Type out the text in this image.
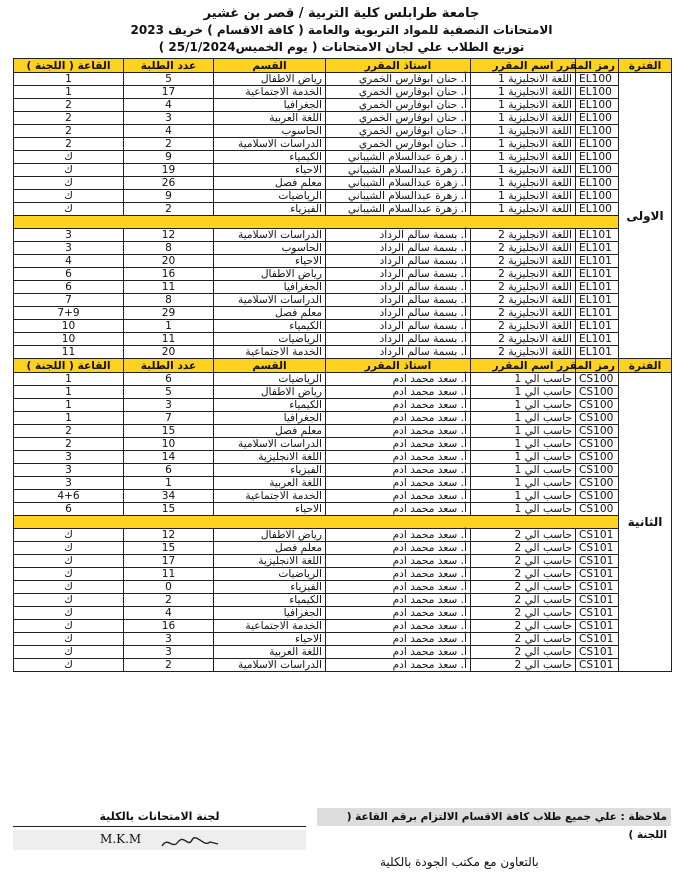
جامعة طرابلس كلية التربية / قصر بن غشير
الامتحانات النصفية للمواد التربوية والعامة ( كافة الاقسام ) خريف 2023
توزيع الطلاب علي لجان الامتحانات ( يوم الخميس25/1/2024 )
الفترة	رمز المقرر	اسم المقرر	استاذ المقرر	القسم	عدد الطلبة	القاعة ( اللجنة )
الاولى	EL100	اللغة الانجليزية 1	أ. حنان ابوفارس الخمري	رياض الاطفال	5	1
	EL100	اللغة الانجليزية 1	أ. حنان ابوفارس الخمري	الخدمة الاجتماعية	17	1
	EL100	اللغة الانجليزية 1	أ. حنان ابوفارس الخمري	الجغرافيا	4	2
	EL100	اللغة الانجليزية 1	أ. حنان ابوفارس الخمري	اللغة العربية	3	2
	EL100	اللغة الانجليزية 1	أ. حنان ابوفارس الخمري	الحاسوب	4	2
	EL100	اللغة الانجليزية 1	أ. حنان ابوفارس الخمري	الدراسات الاسلامية	2	2
	EL100	اللغة الانجليزية 1	أ. زهرة عبدالسلام الشيباني	الكيمياء	9	ك
	EL100	اللغة الانجليزية 1	أ. زهرة عبدالسلام الشيباني	الاحياء	19	ك
	EL100	اللغة الانجليزية 1	أ. زهرة عبدالسلام الشيباني	معلم فصل	26	ك
	EL100	اللغة الانجليزية 1	أ. زهرة عبدالسلام الشيباني	الرياضيات	9	ك
	EL100	اللغة الانجليزية 1	أ. زهرة عبدالسلام الشيباني	الفيزياء	2	ك

	EL101	اللغة الانجليزية 2	أ. بسمة سالم الرداد	الدراسات الاسلامية	12	3
	EL101	اللغة الانجليزية 2	أ. بسمة سالم الرداد	الحاسوب	8	3
	EL101	اللغة الانجليزية 2	أ. بسمة سالم الرداد	الاحياء	20	4
	EL101	اللغة الانجليزية 2	أ. بسمة سالم الرداد	رياض الاطفال	16	6
	EL101	اللغة الانجليزية 2	أ. بسمة سالم الرداد	الجغرافيا	11	6
	EL101	اللغة الانجليزية 2	أ. بسمة سالم الرداد	الدراسات الاسلامية	8	7
	EL101	اللغة الانجليزية 2	أ. بسمة سالم الرداد	معلم فصل	29	7+9
	EL101	اللغة الانجليزية 2	أ. بسمة سالم الرداد	الكيمياء	1	10
	EL101	اللغة الانجليزية 2	أ. بسمة سالم الرداد	الرياضيات	11	10
	EL101	اللغة الانجليزية 2	أ. بسمة سالم الرداد	الخدمة الاجتماعية	20	11
الفترة	رمز المقرر	اسم المقرر	استاذ المقرر	القسم	عدد الطلبة	القاعة ( اللجنة )
الثانية	CS100	حاسب آلي 1	أ. سعد محمد ادم	الرياضيات	6	1
	CS100	حاسب آلي 1	أ. سعد محمد ادم	رياض الاطفال	5	1
	CS100	حاسب آلي 1	أ. سعد محمد ادم	الكيمياء	3	1
	CS100	حاسب آلي 1	أ. سعد محمد ادم	الجغرافيا	7	1
	CS100	حاسب آلي 1	أ. سعد محمد ادم	معلم فصل	15	2
	CS100	حاسب آلي 1	أ. سعد محمد ادم	الدراسات الاسلامية	10	2
	CS100	حاسب آلي 1	أ. سعد محمد ادم	اللغة الانجليزية	14	3
	CS100	حاسب آلي 1	أ. سعد محمد ادم	الفيزياء	6	3
	CS100	حاسب آلي 1	أ. سعد محمد ادم	اللغة العربية	1	3
	CS100	حاسب آلي 1	أ. سعد محمد ادم	الخدمة الاجتماعية	34	4+6
	CS100	حاسب آلي 1	أ. سعد محمد ادم	الاحياء	15	6

	CS101	حاسب آلي 2	أ. سعد محمد ادم	رياض الاطفال	12	ك
	CS101	حاسب آلي 2	أ. سعد محمد ادم	معلم فصل	15	ك
	CS101	حاسب آلي 2	أ. سعد محمد ادم	اللغة الانجليزية	17	ك
	CS101	حاسب آلي 2	أ. سعد محمد ادم	الرياضيات	11	ك
	CS101	حاسب آلي 2	أ. سعد محمد ادم	الفيزياء	0	ك
	CS101	حاسب آلي 2	أ. سعد محمد ادم	الكيمياء	2	ك
	CS101	حاسب آلي 2	أ. سعد محمد ادم	الجغرافيا	4	ك
	CS101	حاسب آلي 2	أ. سعد محمد ادم	الخدمة الاجتماعية	16	ك
	CS101	حاسب آلي 2	أ. سعد محمد ادم	الاحياء	3	ك
	CS101	حاسب آلي 2	أ. سعد محمد ادم	اللغة العربية	3	ك
	CS101	حاسب آلي 2	أ. سعد محمد ادم	الدراسات الاسلامية	2	ك
ملاحظة : علي جميع طلاب كافة الاقسام الالتزام برقم القاعة ( اللجنة )
لجنة الامتحانات بالكلية
M.K.M
بالتعاون مع مكتب الجودة بالكلية
